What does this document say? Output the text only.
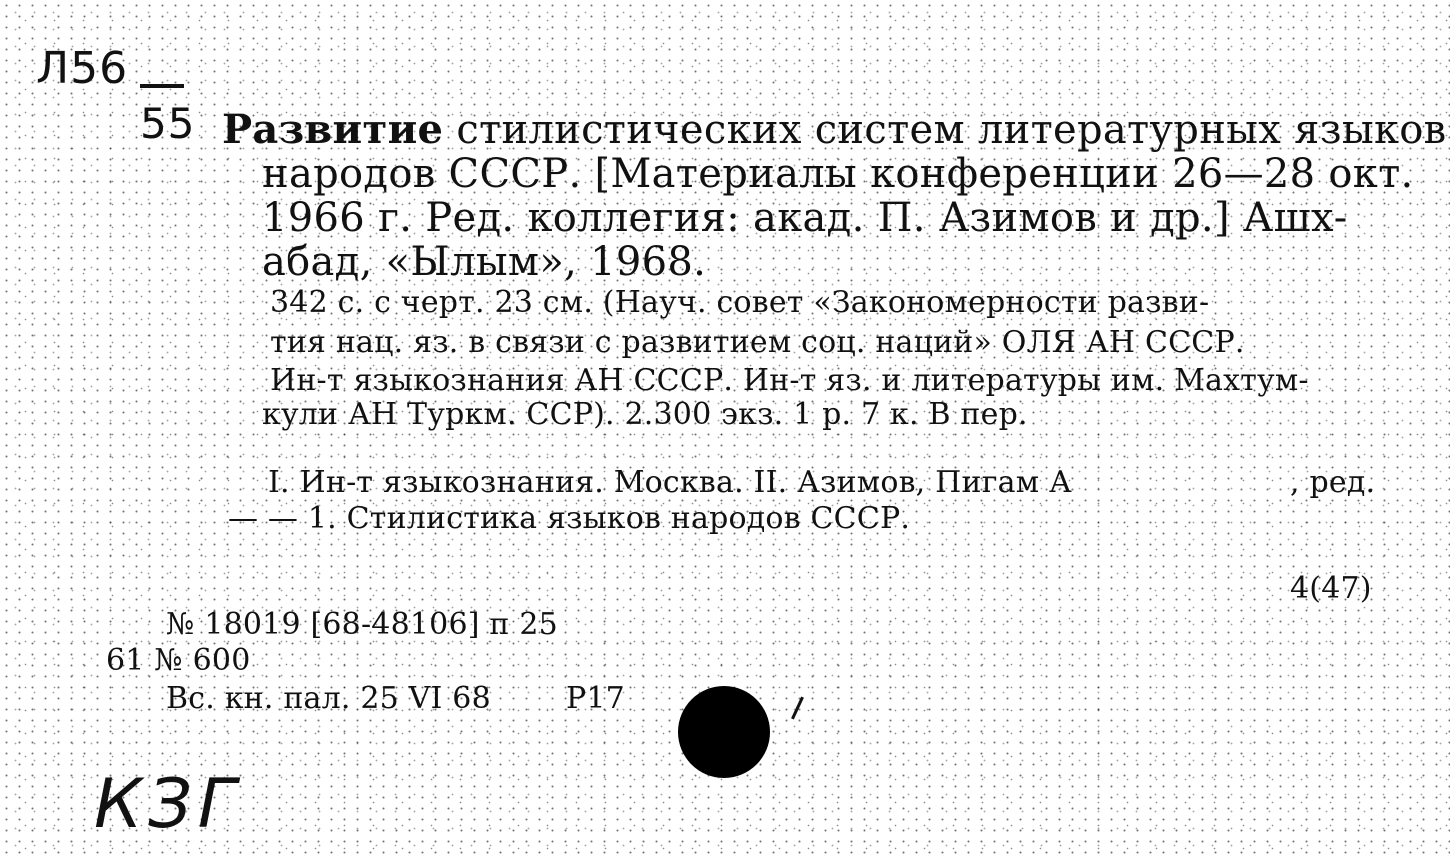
Л56
55 Развитие стилистических систем литературных языков
народов СССР. [Материалы конференции 26—28 окт.
1966 г. Ред. коллегия: акад. П. Азимов и др.] Ашх-
абад, «Ылым», 1968.
342 с. с черт. 23 см. (Науч. совет «Закономерности разви-
тия нац. яз. в связи с развитием соц. наций» ОЛЯ АН СССР.
Ин-т языкознания АН СССР. Ин-т яз. и литературы им. Махтум-
кули АН Туркм. ССР). 2.300 экз. 1 р. 7 к. В пер.
I. Ин-т языкознания. Москва. II. Азимов, Пигам А	, ред.
— — 1. Стилистика языков народов СССР.
4(47)
№ 18019 [68-48106] п 25
61 № 600
Вс. кн. пал. 25 VI 68	P17
КЗГ
